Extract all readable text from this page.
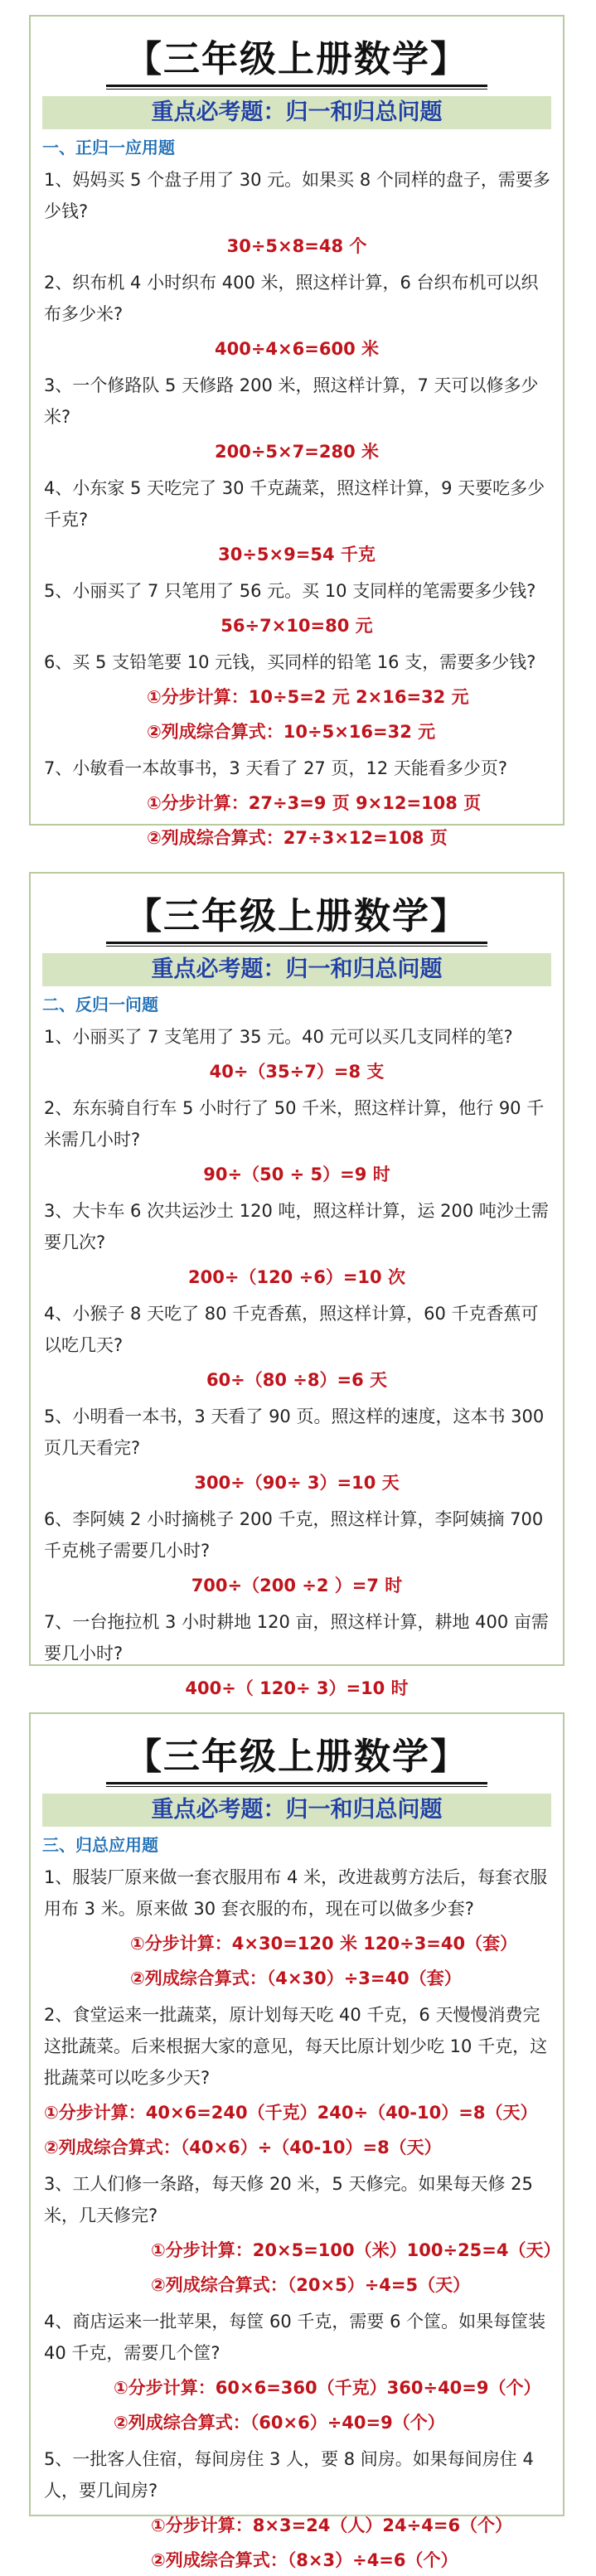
【三年级上册数学】
重点必考题：归一和归总问题
一、正归一应用题
1、妈妈买 5 个盘子用了 30 元。如果买 8 个同样的盘子，需要多少钱?
30÷5×8=48 个
2、织布机 4 小时织布 400 米，照这样计算，6 台织布机可以织布多少米?
400÷4×6=600 米
3、一个修路队 5 天修路 200 米，照这样计算，7 天可以修多少米?
200÷5×7=280 米
4、小东家 5 天吃完了 30 千克蔬菜，照这样计算，9 天要吃多少千克?
30÷5×9=54 千克
5、小丽买了 7 只笔用了 56 元。买 10 支同样的笔需要多少钱?
56÷7×10=80 元
6、买 5 支铅笔要 10 元钱，买同样的铅笔 16 支，需要多少钱?
①分步计算：10÷5=2 元 2×16=32 元
②列成综合算式：10÷5×16=32 元
7、小敏看一本故事书，3 天看了 27 页，12 天能看多少页?
①分步计算：27÷3=9 页 9×12=108 页
②列成综合算式：27÷3×12=108 页
【三年级上册数学】
重点必考题：归一和归总问题
二、反归一问题
1、小丽买了 7 支笔用了 35 元。40 元可以买几支同样的笔?
40÷（35÷7）=8 支
2、东东骑自行车 5 小时行了 50 千米，照这样计算，他行 90 千米需几小时?
90÷（50 ÷ 5）=9 时
3、大卡车 6 次共运沙土 120 吨，照这样计算，运 200 吨沙土需要几次?
200÷（120 ÷6）=10 次
4、小猴子 8 天吃了 80 千克香蕉，照这样计算，60 千克香蕉可以吃几天?
60÷（80 ÷8）=6 天
5、小明看一本书，3 天看了 90 页。照这样的速度，这本书 300 页几天看完?
300÷（90÷ 3）=10 天
6、李阿姨 2 小时摘桃子 200 千克，照这样计算，李阿姨摘 700 千克桃子需要几小时?
700÷（200 ÷2 ）=7 时
7、一台拖拉机 3 小时耕地 120 亩，照这样计算，耕地 400 亩需要几小时?
400÷（ 120÷ 3）=10 时
【三年级上册数学】
重点必考题：归一和归总问题
三、归总应用题
1、服装厂原来做一套衣服用布 4 米，改进裁剪方法后，每套衣服用布 3 米。原来做 30 套衣服的布，现在可以做多少套?
①分步计算：4×30=120 米 120÷3=40（套）
②列成综合算式：（4×30）÷3=40（套）
2、食堂运来一批蔬菜，原计划每天吃 40 千克，6 天慢慢消费完这批蔬菜。后来根据大家的意见，每天比原计划少吃 10 千克，这批蔬菜可以吃多少天?
①分步计算：40×6=240（千克）240÷（40-10）=8（天）
②列成综合算式：（40×6）÷（40-10）=8（天）
3、工人们修一条路，每天修 20 米，5 天修完。如果每天修 25 米，几天修完?
①分步计算：20×5=100（米）100÷25=4（天）
②列成综合算式：（20×5）÷4=5（天）
4、商店运来一批苹果，每筐 60 千克，需要 6 个筐。如果每筐装 40 千克，需要几个筐?
①分步计算：60×6=360（千克）360÷40=9（个）
②列成综合算式：（60×6）÷40=9（个）
5、一批客人住宿，每间房住 3 人，要 8 间房。如果每间房住 4 人，要几间房?
①分步计算：8×3=24（人）24÷4=6（个）
②列成综合算式：（8×3）÷4=6（个）
